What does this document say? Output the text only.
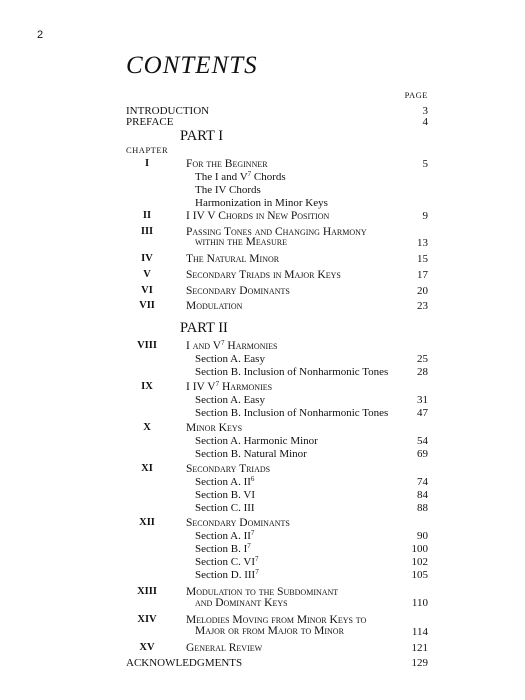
2
CONTENTS
PAGE
INTRODUCTION	3
PREFACE	4
PART I
CHAPTER
I	For the Beginner	5
The I and $V^7$ Chords
The IV Chords
Harmonization in Minor Keys
II	I IV V Chords in New Position	9
III	Passing Tones and Changing Harmony
within the Measure	13
IV	The Natural Minor	15
V	Secondary Triads in Major Keys	17
VI	Secondary Dominants	20
VII	Modulation	23
PART II
VIII	I and $V^7$ Harmonies
Section A. Easy	25
Section B. Inclusion of Nonharmonic Tones	28
IX	I IV $V^7$ Harmonies
Section A. Easy	31
Section B. Inclusion of Nonharmonic Tones	47
X	Minor Keys
Section A. Harmonic Minor	54
Section B. Natural Minor	69
XI	Secondary Triads
Section A. $II^6$	74
Section B. VI	84
Section C. III	88
XII	Secondary Dominants
Section A. $II^7$	90
Section B. $I^7$	100
Section C. $VI^7$	102
Section D. III$^7$	105
XIII	Modulation to the Subdominant
and Dominant Keys	110
XIV	Melodies Moving from Minor Keys to
Major or from Major to Minor	114
XV	General Review	121
ACKNOWLEDGMENTS	129
